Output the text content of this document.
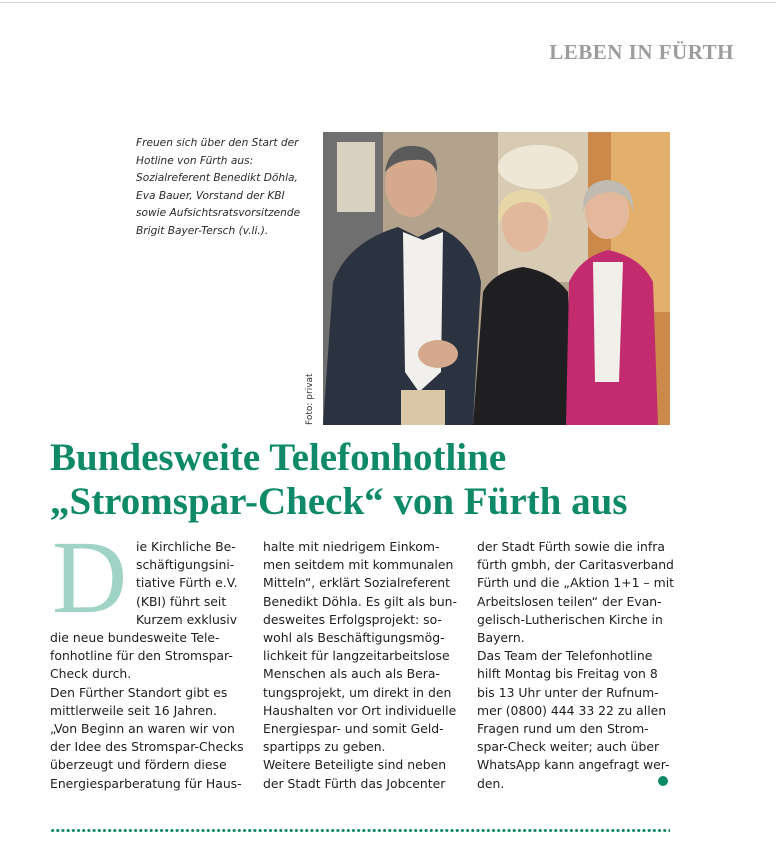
LEBEN IN FÜRTH

Freuen sich über den Start der Hotline von Fürth aus: Sozialreferent Benedikt Döhla, Eva Bauer, Vorstand der KBI sowie Aufsichtsratsvorsitzende Brigit Bayer-Tersch (v.li.).

Foto: privat
Bundesweite Telefonhotline
„Stromspar-Check“ von Fürth aus
D ie Kirchliche Be-
schäftigungsini-
tiative Fürth e.V.
(KBI) führt seit
Kurzem exklusiv
die neue bundesweite Tele-
fonhotline für den Stromspar-
Check durch.

Den Fürther Standort gibt es
mittlerweile seit 16 Jahren.
„Von Beginn an waren wir von
der Idee des Stromspar-Checks
überzeugt und fördern diese
Energiesparberatung für Haus-

halte mit niedrigem Einkom-
men seitdem mit kommunalen
Mitteln“, erklärt Sozialreferent
Benedikt Döhla. Es gilt als bun-
desweites Erfolgsprojekt: so-
wohl als Beschäftigungsmög-
lichkeit für langzeitarbeitslose
Menschen als auch als Bera-
tungsprojekt, um direkt in den
Haushalten vor Ort individuelle
Energiespar- und somit Geld-
spartipps zu geben.

Weitere Beteiligte sind neben
der Stadt Fürth das Jobcenter

der Stadt Fürth sowie die infra
fürth gmbh, der Caritasverband
Fürth und die „Aktion 1+1 – mit
Arbeitslosen teilen“ der Evan-
gelisch-Lutherischen Kirche in
Bayern.

Das Team der Telefonhotline
hilft Montag bis Freitag von 8
bis 13 Uhr unter der Rufnum-
mer (0800) 444 33 22 zu allen
Fragen rund um den Strom-
spar-Check weiter; auch über
WhatsApp kann angefragt wer-
den.
